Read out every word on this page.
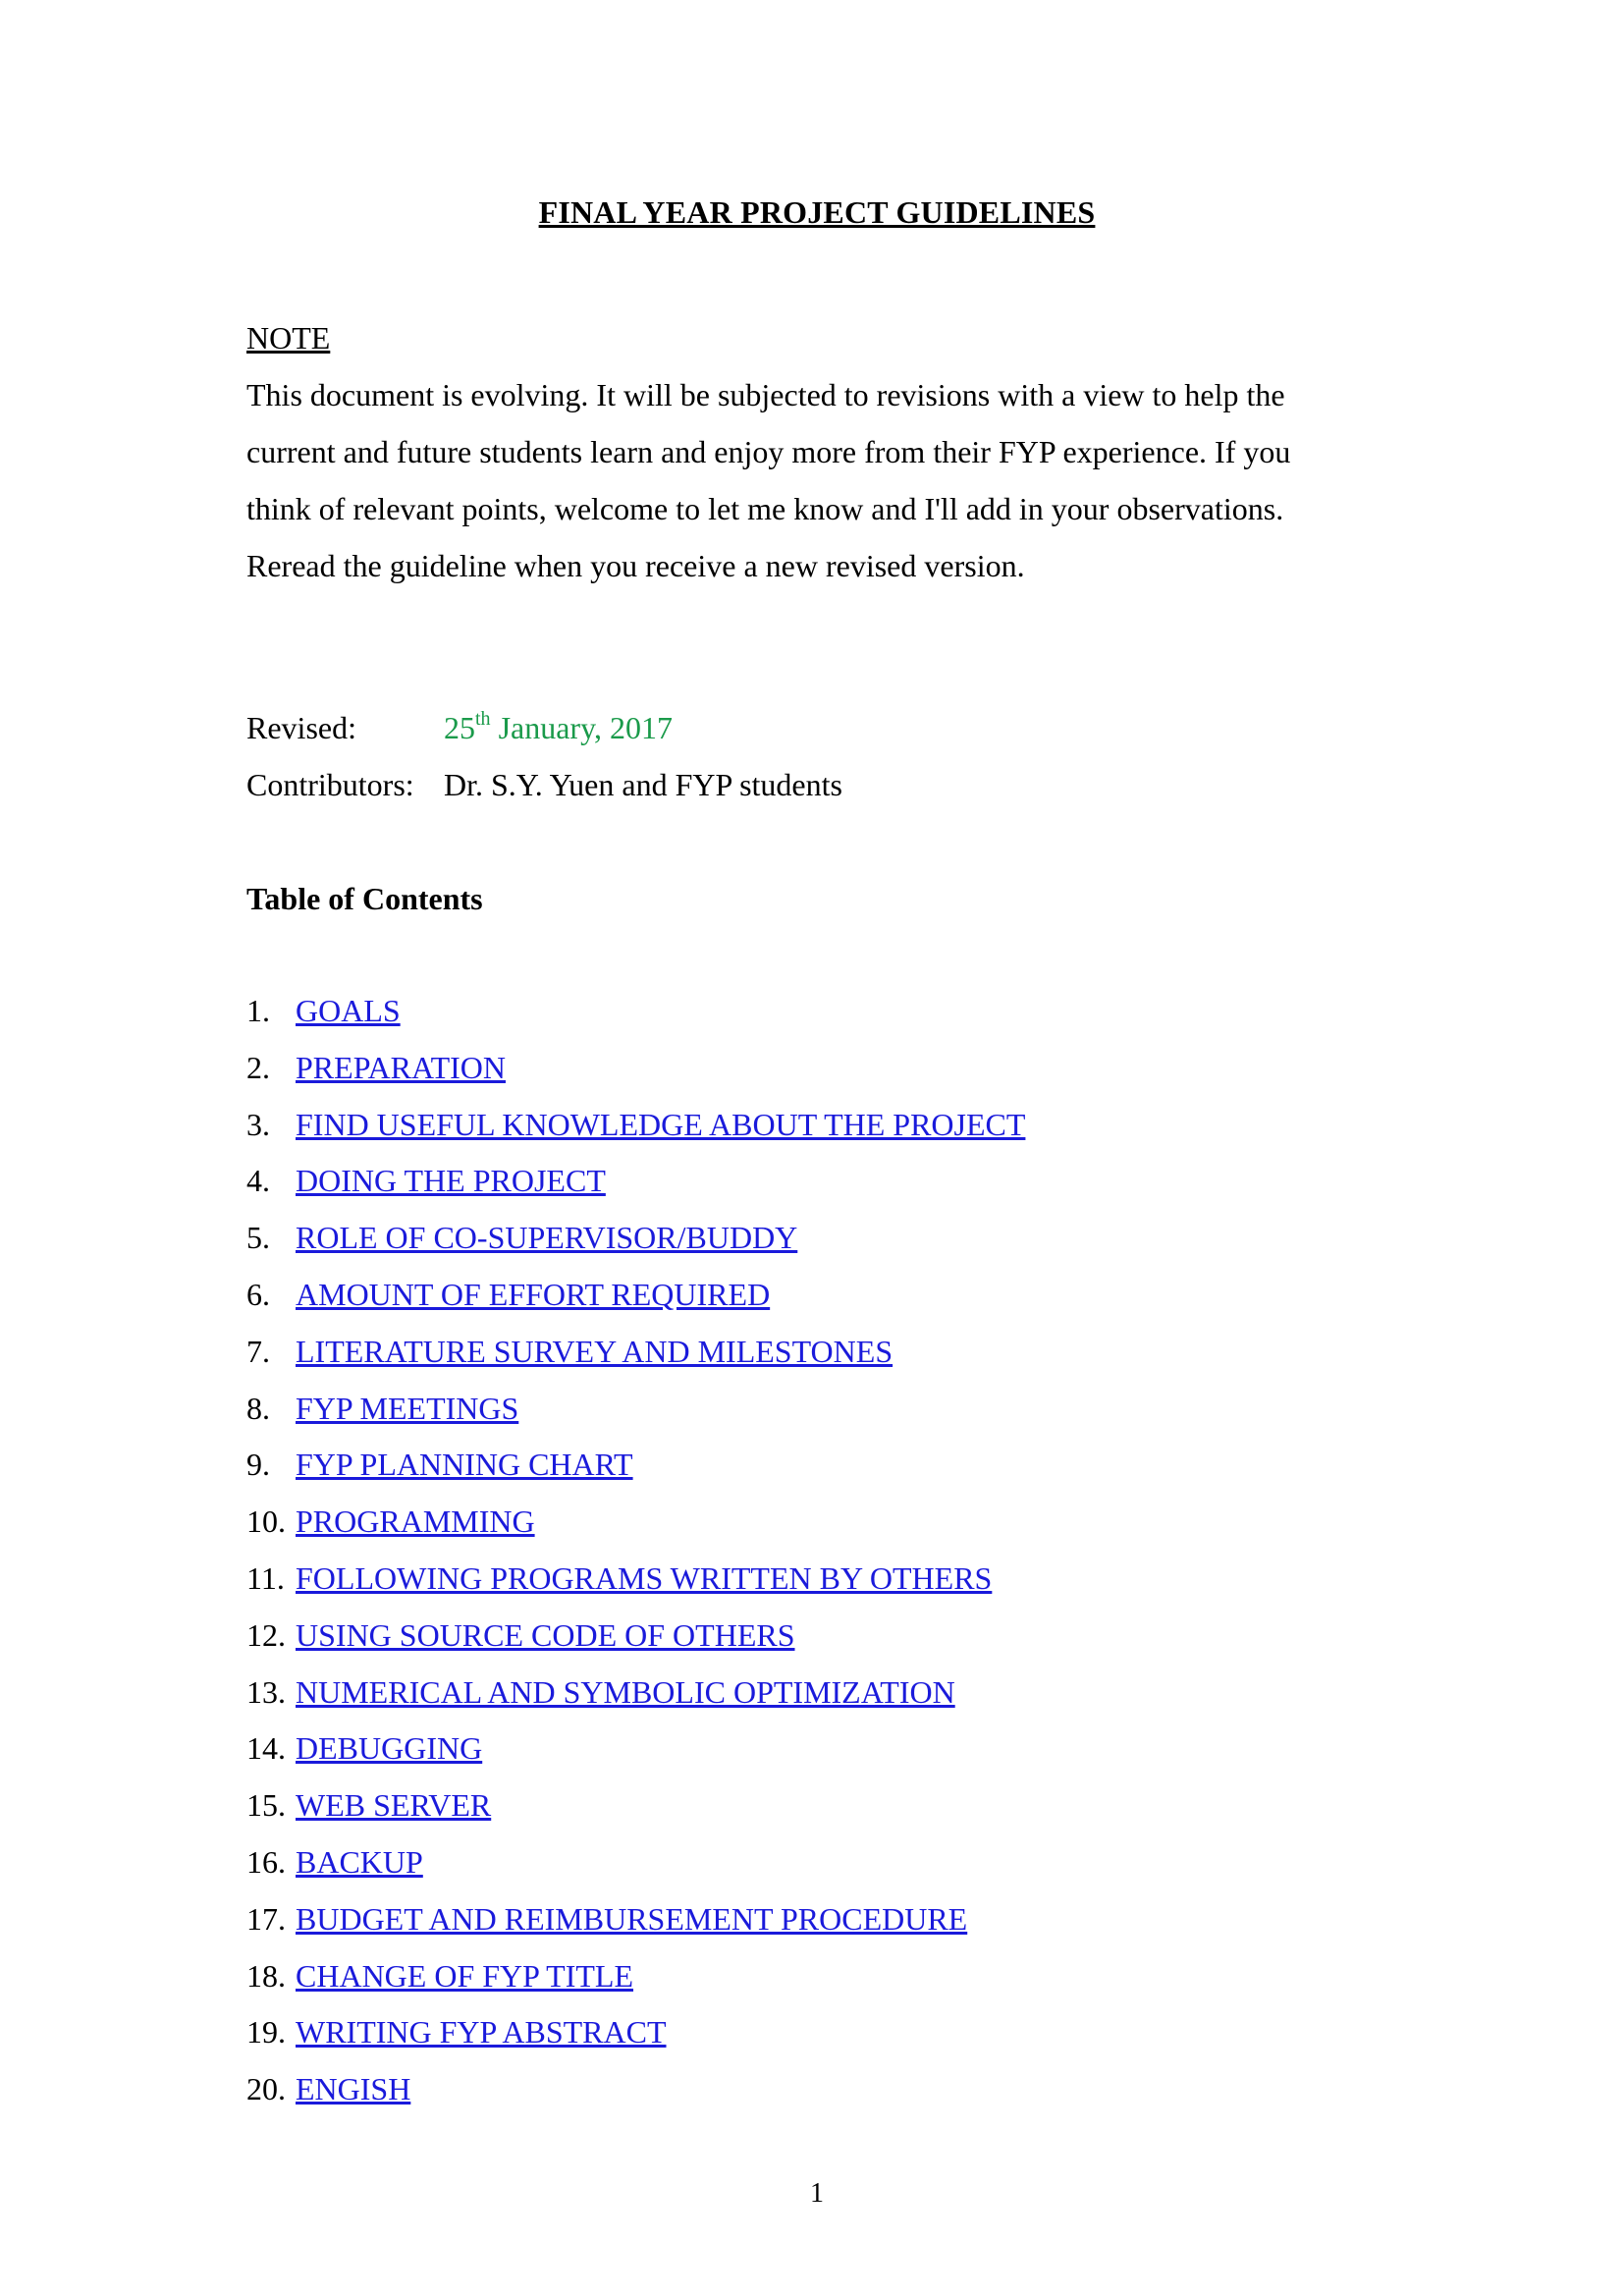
FINAL YEAR PROJECT GUIDELINES
NOTE
This document is evolving. It will be subjected to revisions with a view to help the
current and future students learn and enjoy more from their FYP experience. If you
think of relevant points, welcome to let me know and I'll add in your observations.
Reread the guideline when you receive a new revised version.
Revised:	25th January, 2017
Contributors: Dr. S.Y. Yuen and FYP students
Table of Contents
1. GOALS
2. PREPARATION
3. FIND USEFUL KNOWLEDGE ABOUT THE PROJECT
4. DOING THE PROJECT
5. ROLE OF CO-SUPERVISOR/BUDDY
6. AMOUNT OF EFFORT REQUIRED
7. LITERATURE SURVEY AND MILESTONES
8. FYP MEETINGS
9. FYP PLANNING CHART
10. PROGRAMMING
11. FOLLOWING PROGRAMS WRITTEN BY OTHERS
12. USING SOURCE CODE OF OTHERS
13. NUMERICAL AND SYMBOLIC OPTIMIZATION
14. DEBUGGING
15. WEB SERVER
16. BACKUP
17. BUDGET AND REIMBURSEMENT PROCEDURE
18. CHANGE OF FYP TITLE
19. WRITING FYP ABSTRACT
20. ENGISH
1
